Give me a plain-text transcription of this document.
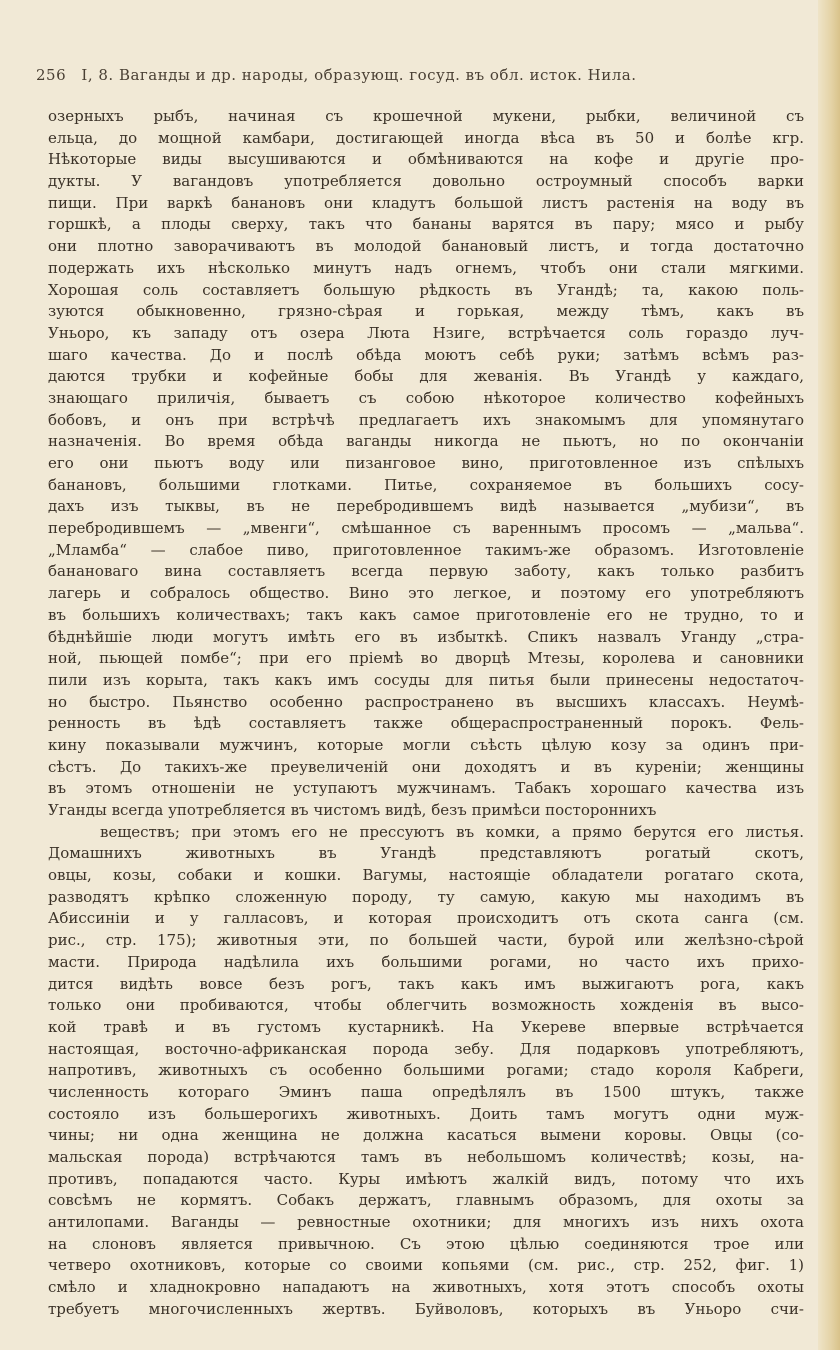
256 I, 8. Ваганды и др. народы, образующ. госуд. въ обл. исток. Нила.
озерныхъ рыбъ, начиная съ крошечной мукени, рыбки, величиной съ
ельца, до мощной камбари, достигающей иногда вѣса въ 50 и болѣе кгр.
Нѣкоторые виды высушиваются и обмѣниваются на кофе и другіе про-
дукты. У вагандовъ употребляется довольно остроумный способъ варки
пищи. При варкѣ банановъ они кладутъ большой листъ растенія на воду въ
горшкѣ, а плоды сверху, такъ что бананы варятся въ пару; мясо и рыбу
они плотно заворачиваютъ въ молодой банановый листъ, и тогда достаточно
подержать ихъ нѣсколько минутъ надъ огнемъ, чтобъ они стали мягкими.
Хорошая соль составляетъ большую рѣдкость въ Угандѣ; та, какою поль-
зуются обыкновенно, грязно-сѣрая и горькая, между тѣмъ, какъ въ
Уньоро, къ западу отъ озера Люта Нзиге, встрѣчается соль гораздо луч-
шаго качества. До и послѣ обѣда моютъ себѣ руки; затѣмъ всѣмъ раз-
даются трубки и кофейные бобы для жеванія. Въ Угандѣ у каждаго,
знающаго приличія, бываетъ съ собою нѣкоторое количество кофейныхъ
бобовъ, и онъ при встрѣчѣ предлагаетъ ихъ знакомымъ для упомянутаго
назначенія. Во время обѣда ваганды никогда не пьютъ, но по окончаніи
его они пьютъ воду или пизанговое вино, приготовленное изъ спѣлыхъ
банановъ, большими глотками. Питье, сохраняемое въ большихъ сосу-
дахъ изъ тыквы, въ не перебродившемъ видѣ называется „мубизи“, въ
перебродившемъ — „мвенги“, смѣшанное съ вареннымъ просомъ — „мальва“.
„Мламба“ — слабое пиво, приготовленное такимъ-же образомъ. Изготовленіе
бананoваго вина составляетъ всегда первую заботу, какъ только разбитъ
лагерь и собралось общество. Вино это легкое, и поэтому его употребляютъ
въ большихъ количествахъ; такъ какъ самое приготовленіе его не трудно, то и
бѣднѣйшіе люди могутъ имѣть его въ избыткѣ. Спикъ назвалъ Уганду „стра-
ной, пьющей помбе“; при его пріемѣ во дворцѣ Мтезы, королева и сановники
пили изъ корыта, такъ какъ имъ сосуды для питья были принесены недостаточ-
но быстро. Пьянство особенно распространено въ высшихъ классахъ. Неумѣ-
ренность въ ѣдѣ составляетъ также общераспространенный порокъ. Фель-
кину показывали мужчинъ, которые могли съѣсть цѣлую козу за одинъ при-
сѣстъ. До такихъ-же преувеличеній они доходятъ и въ куреніи; женщины
въ этомъ отношеніи не уступаютъ мужчинамъ. Табакъ хорошаго качества изъ
Уганды всегда употребляется въ чистомъ видѣ, безъ примѣси постороннихъ
веществъ; при этомъ его не прессуютъ въ комки, а прямо берутся его листья.
Домашнихъ животныхъ въ Угандѣ представляютъ рогатый скотъ,
овцы, козы, собаки и кошки. Вагумы, настоящіе обладатели рогатаго скота,
разводятъ крѣпко сложенную породу, ту самую, какую мы находимъ въ
Абиссиніи и у галласовъ, и которая происходитъ отъ скота санга (см.
рис., стр. 175); животныя эти, по большей части, бурой или желѣзно-сѣрой
масти. Природа надѣлила ихъ большими рогами, но часто ихъ прихо-
дится видѣть вовсе безъ рогъ, такъ какъ имъ выжигаютъ рога, какъ
только они пробиваются, чтобы облегчить возможность хожденія въ высо-
кой травѣ и въ густомъ кустарникѣ. На Укереве впервые встрѣчается
настоящая, восточно-африканская порода зебу. Для подарковъ употребляютъ,
напротивъ, животныхъ съ особенно большими рогами; стадо короля Кабреги,
численность котораго Эминъ паша опредѣлялъ въ 1500 штукъ, также
состояло изъ большерогихъ животныхъ. Доить тамъ могутъ одни муж-
чины; ни одна женщина не должна касаться вымени коровы. Овцы (со-
мальская порода) встрѣчаются тамъ въ небольшомъ количествѣ; козы, на-
противъ, попадаются часто. Куры имѣютъ жалкій видъ, потому что ихъ
совсѣмъ не кормятъ. Собакъ держатъ, главнымъ образомъ, для охоты за
антилопами. Ваганды — ревностные охотники; для многихъ изъ нихъ охота
на слоновъ является привычною. Съ этою цѣлью соединяются трое или
четверо охотниковъ, которые со своими копьями (см. рис., стр. 252, фиг. 1)
смѣло и хладнокровно нападаютъ на животныхъ, хотя этотъ способъ охоты
требуетъ многочисленныхъ жертвъ. Буйволовъ, которыхъ въ Уньоро счи-
